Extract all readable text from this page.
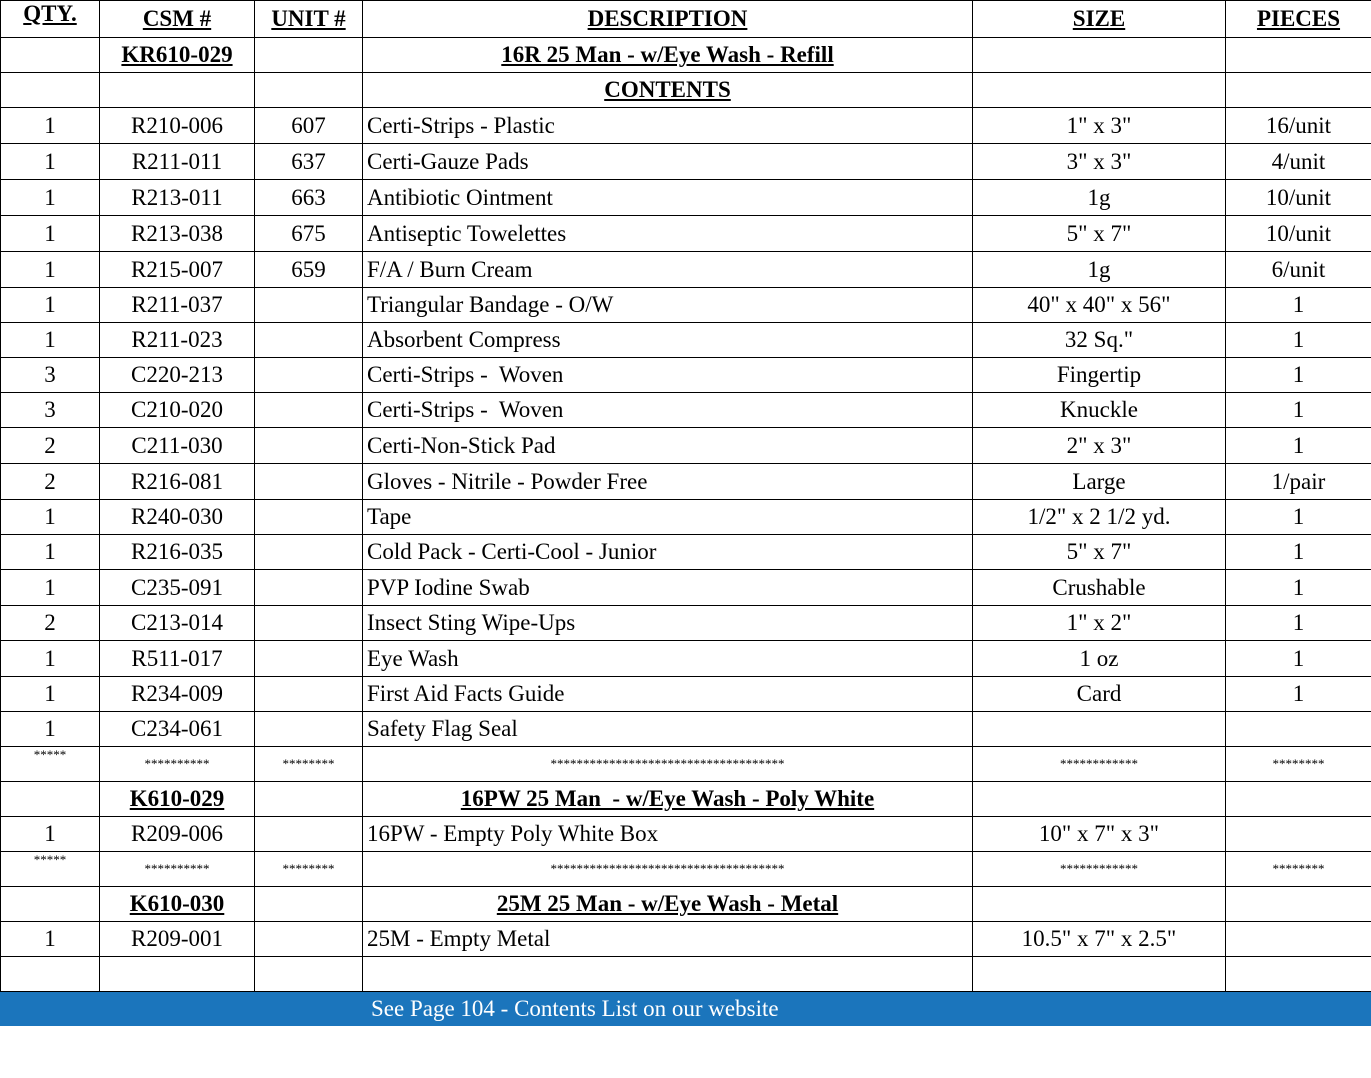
QTY.	CSM #	UNIT #	DESCRIPTION	SIZE	PIECES
	KR610-029		16R 25 Man - w/Eye Wash - Refill		
			CONTENTS		
1	R210-006	607	Certi-Strips - Plastic	1" x 3"	16/unit
1	R211-011	637	Certi-Gauze Pads	3" x 3"	4/unit
1	R213-011	663	Antibiotic Ointment	1g	10/unit
1	R213-038	675	Antiseptic Towelettes	5" x 7"	10/unit
1	R215-007	659	F/A / Burn Cream	1g	6/unit
1	R211-037		Triangular Bandage - O/W	40" x 40" x 56"	1
1	R211-023		Absorbent Compress	32 Sq."	1
3	C220-213		Certi-Strips -  Woven	Fingertip	1
3	C210-020		Certi-Strips -  Woven	Knuckle	1
2	C211-030		Certi-Non-Stick Pad	2" x 3"	1
2	R216-081		Gloves - Nitrile - Powder Free	Large	1/pair
1	R240-030		Tape	1/2" x 2 1/2 yd.	1
1	R216-035		Cold Pack - Certi-Cool - Junior	5" x 7"	1
1	C235-091		PVP Iodine Swab	Crushable	1
2	C213-014		Insect Sting Wipe-Ups	1" x 2"	1
1	R511-017		Eye Wash	1 oz	1
1	R234-009		First Aid Facts Guide	Card	1
1	C234-061		Safety Flag Seal		
*****	**********	********	************************************	************	********
	K610-029		16PW 25 Man  - w/Eye Wash - Poly White		
1	R209-006		16PW - Empty Poly White Box	10" x 7" x 3"	
*****	**********	********	************************************	************	********
	K610-030		25M 25 Man - w/Eye Wash - Metal		
1	R209-001		25M - Empty Metal	10.5" x 7" x 2.5"	

See Page 104 - Contents List on our website					
